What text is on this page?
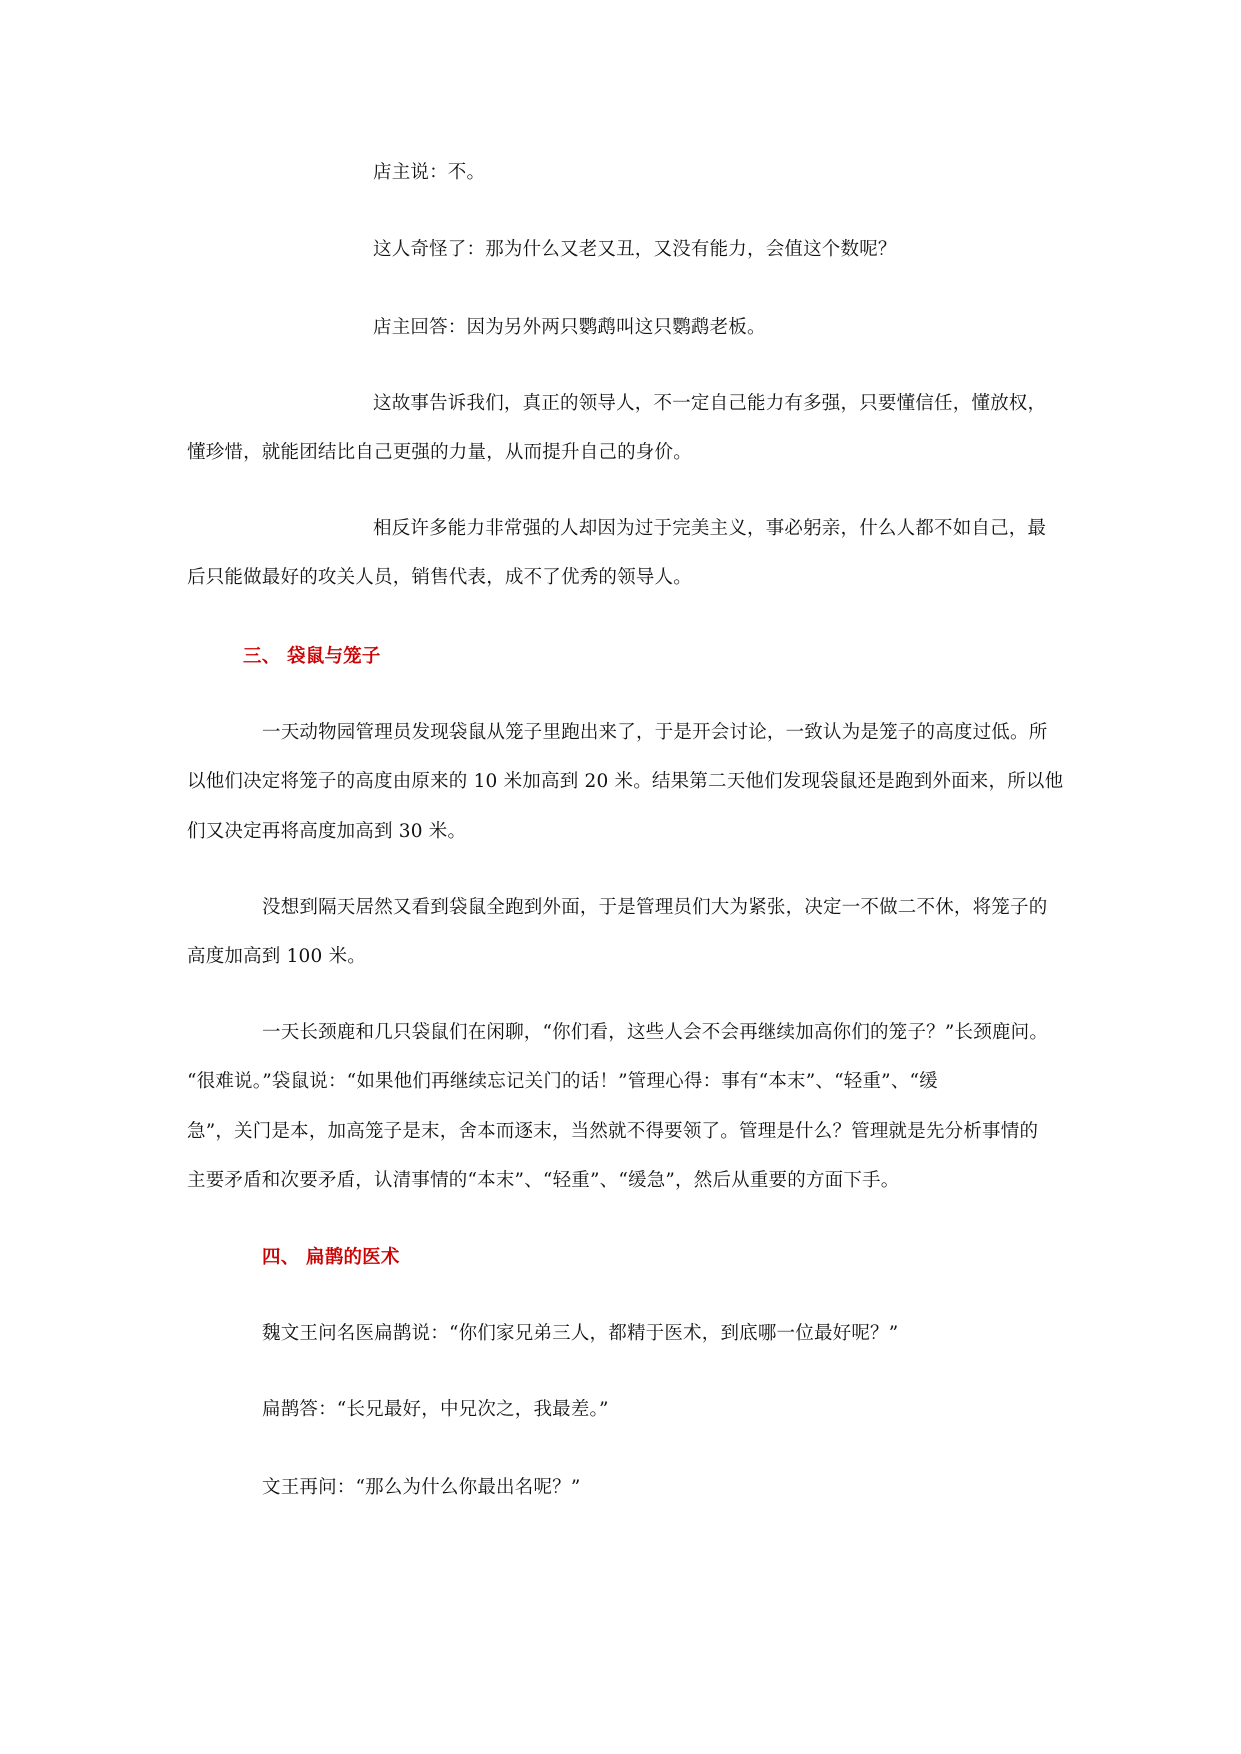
店主说：不。
这人奇怪了：那为什么又老又丑，又没有能力，会值这个数呢？
店主回答：因为另外两只鹦鹉叫这只鹦鹉老板。
这故事告诉我们，真正的领导人，不一定自己能力有多强，只要懂信任，懂放权，
懂珍惜，就能团结比自己更强的力量，从而提升自己的身价。
相反许多能力非常强的人却因为过于完美主义，事必躬亲，什么人都不如自己，最
后只能做最好的攻关人员，销售代表，成不了优秀的领导人。
三、 袋鼠与笼子
一天动物园管理员发现袋鼠从笼子里跑出来了，于是开会讨论，一致认为是笼子的高度过低。所
以他们决定将笼子的高度由原来的 10 米加高到 20 米。结果第二天他们发现袋鼠还是跑到外面来，所以他
们又决定再将高度加高到 30 米。
没想到隔天居然又看到袋鼠全跑到外面，于是管理员们大为紧张，决定一不做二不休，将笼子的
高度加高到 100 米。
一天长颈鹿和几只袋鼠们在闲聊，“你们看，这些人会不会再继续加高你们的笼子？”长颈鹿问。
“很难说。”袋鼠说：“如果他们再继续忘记关门的话！”管理心得：事有“本末”、“轻重”、“缓
急”，关门是本，加高笼子是末，舍本而逐末，当然就不得要领了。管理是什么？管理就是先分析事情的
主要矛盾和次要矛盾，认清事情的“本末”、“轻重”、“缓急”，然后从重要的方面下手。
四、 扁鹊的医术
魏文王问名医扁鹊说：“你们家兄弟三人，都精于医术，到底哪一位最好呢？”
扁鹊答：“长兄最好，中兄次之，我最差。”
文王再问：“那么为什么你最出名呢？”
